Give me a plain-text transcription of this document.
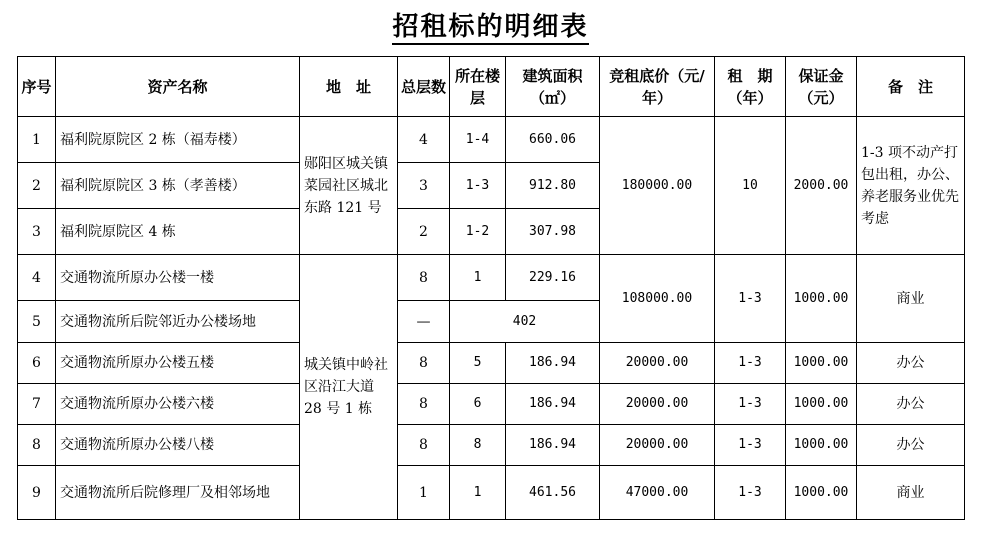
招租标的明细表
序号	资产名称	地　址	总层数	所在楼层	建筑面积（㎡）	竞租底价（元/年）	租　期（年）	保证金（元）	备　注
1	福利院原院区 2 栋（福寿楼）	郧阳区城关镇菜园社区城北东路 121 号	4	1-4	660.06	180000.00	10	2000.00	1-3 项不动产打包出租，办公、养老服务业优先考虑
2	福利院原院区 3 栋（孝善楼）		3	1-3	912.80				
3	福利院原院区 4 栋		2	1-2	307.98				
4	交通物流所原办公楼一楼	城关镇中岭社区沿江大道 28 号 1 栋	8	1	229.16	108000.00	1-3	1000.00	商业
5	交通物流所后院邻近办公楼场地		—	402					
6	交通物流所原办公楼五楼		8	5	186.94	20000.00	1-3	1000.00	办公
7	交通物流所原办公楼六楼		8	6	186.94	20000.00	1-3	1000.00	办公
8	交通物流所原办公楼八楼		8	8	186.94	20000.00	1-3	1000.00	办公
9	交通物流所后院修理厂及相邻场地		1	1	461.56	47000.00	1-3	1000.00	商业
